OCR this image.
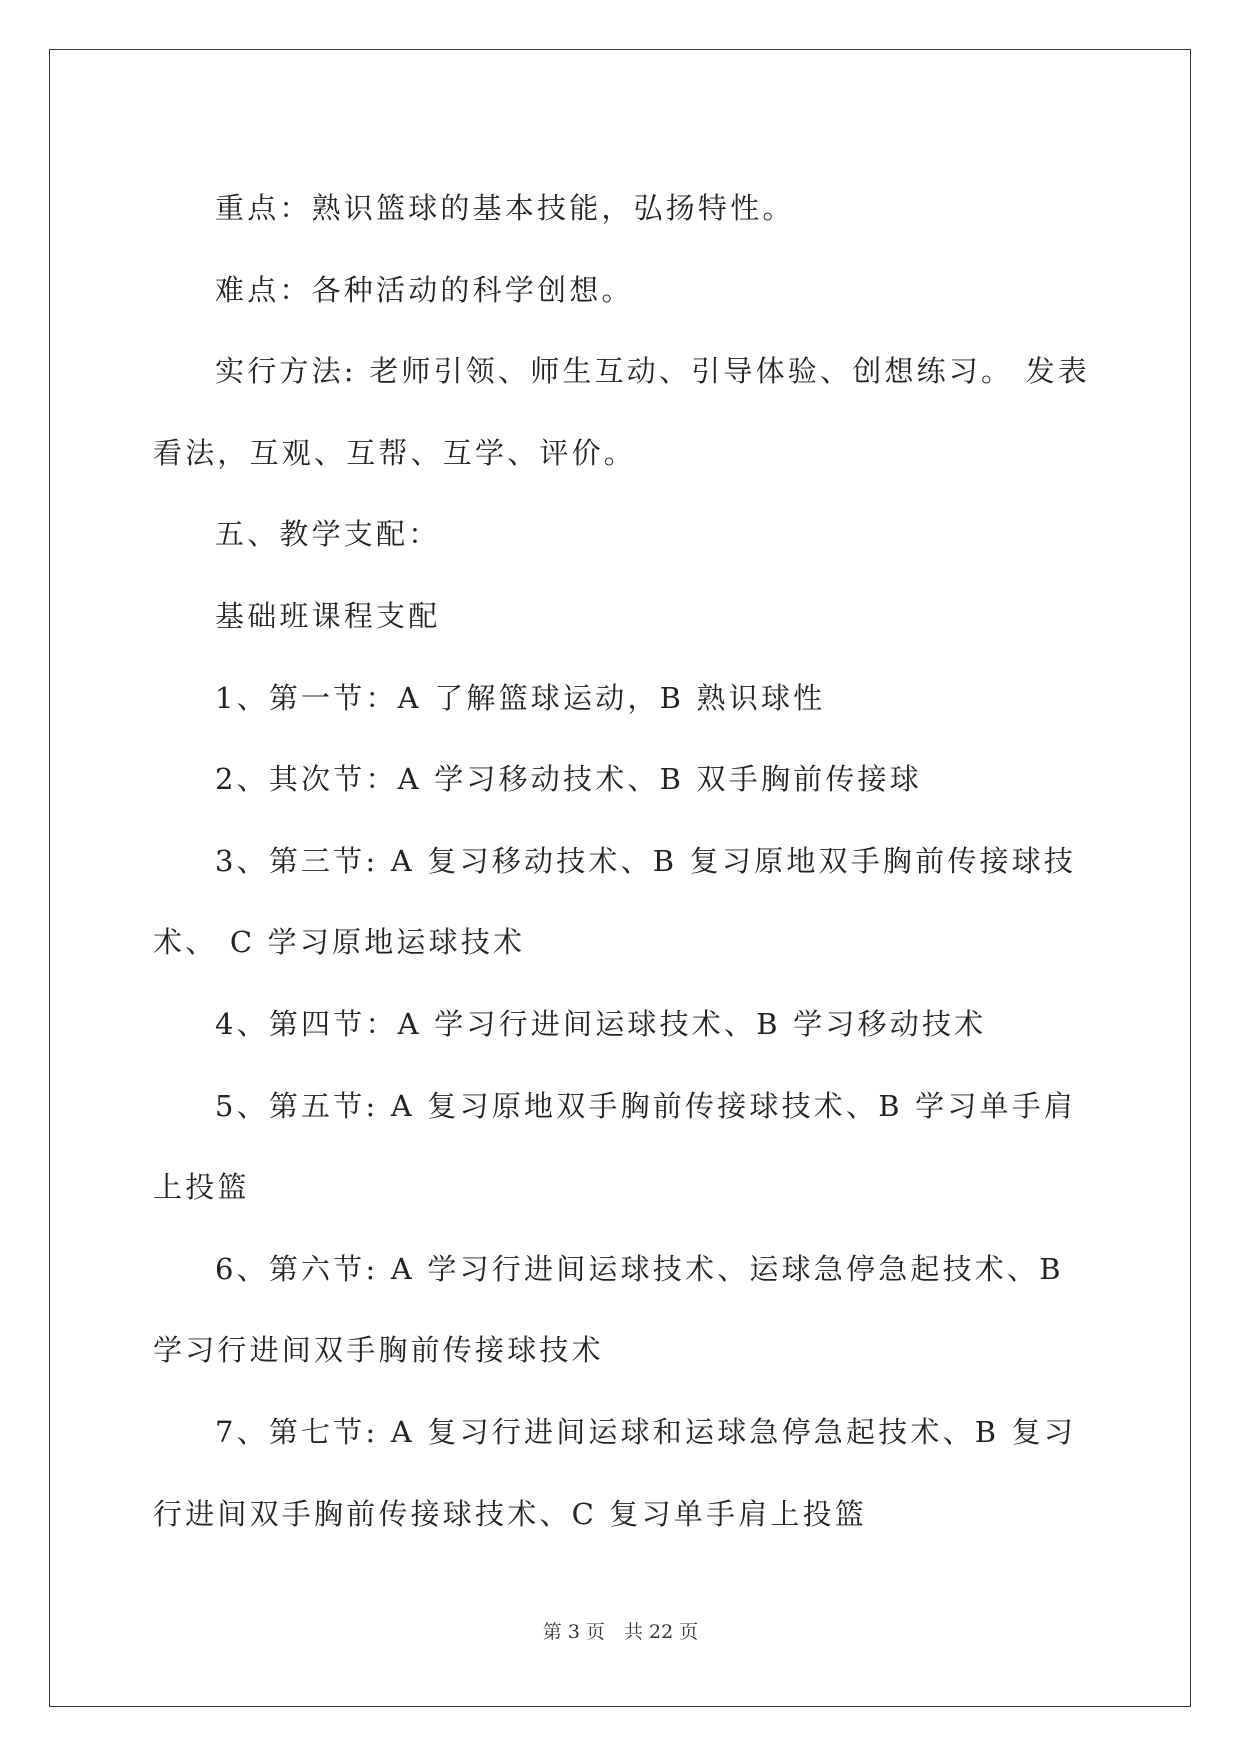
重点：熟识篮球的基本技能，弘扬特性。

难点：各种活动的科学创想。

实行方法: 老师引领、师生互动、引导体验、创想练习。 发表看法，互观、互帮、互学、评价。

五、教学支配：

基础班课程支配

1、第一节：A 了解篮球运动，B 熟识球性

2、其次节：A 学习移动技术、B 双手胸前传接球

3、第三节: A 复习移动技术、B 复习原地双手胸前传接球技术、 C 学习原地运球技术

4、第四节：A 学习行进间运球技术、B 学习移动技术

5、第五节: A 复习原地双手胸前传接球技术、B 学习单手肩上投篮

6、第六节: A 学习行进间运球技术、运球急停急起技术、B 学习行进间双手胸前传接球技术

7、第七节: A 复习行进间运球和运球急停急起技术、B 复习行进间双手胸前传接球技术、C 复习单手肩上投篮

第 3 页　共 22 页
